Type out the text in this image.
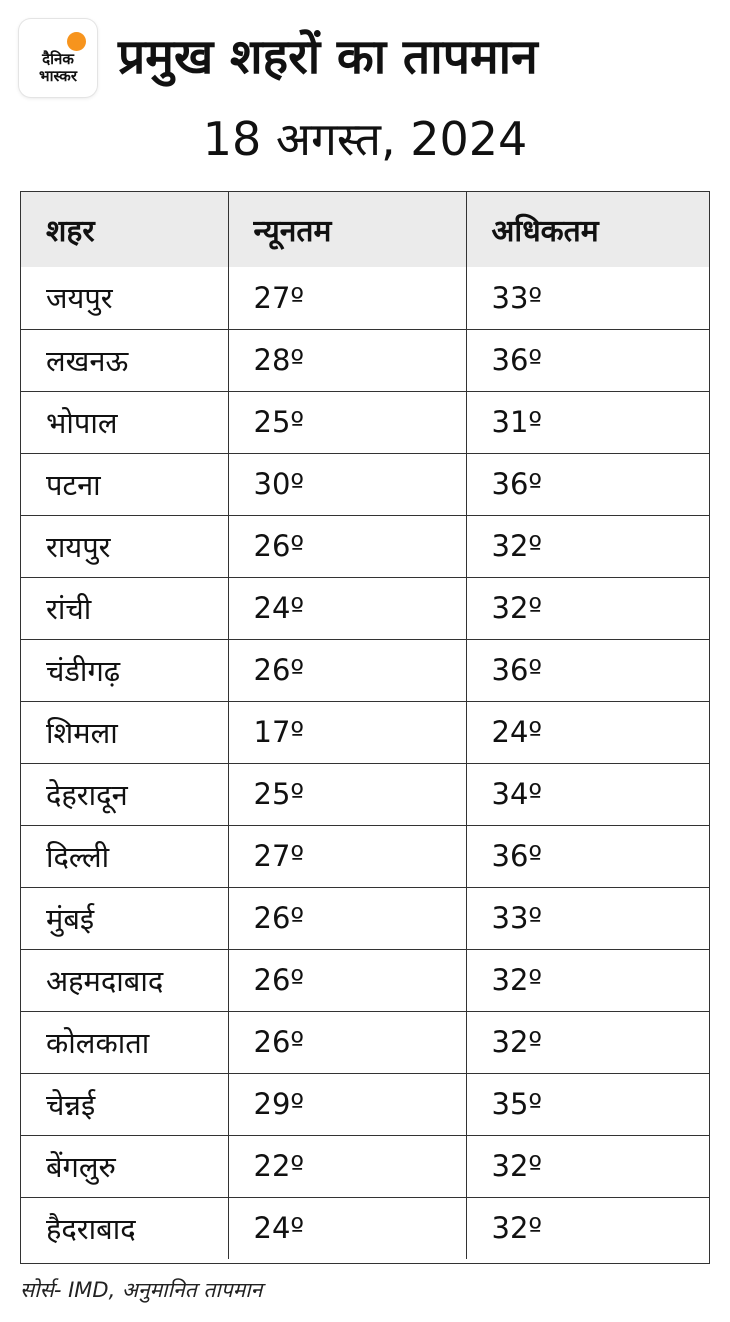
दैनिक
भास्कर प्रमुख शहरों का तापमान
18 अगस्त, 2024
शहर	न्यूनतम	अधिकतम
जयपुर	27º	33º
लखनऊ	28º	36º
भोपाल	25º	31º
पटना	30º	36º
रायपुर	26º	32º
रांची	24º	32º
चंडीगढ़	26º	36º
शिमला	17º	24º
देहरादून	25º	34º
दिल्ली	27º	36º
मुंबई	26º	33º
अहमदाबाद	26º	32º
कोलकाता	26º	32º
चेन्नई	29º	35º
बेंगलुरु	22º	32º
हैदराबाद	24º	32º
सोर्स- IMD, अनुमानित तापमान
